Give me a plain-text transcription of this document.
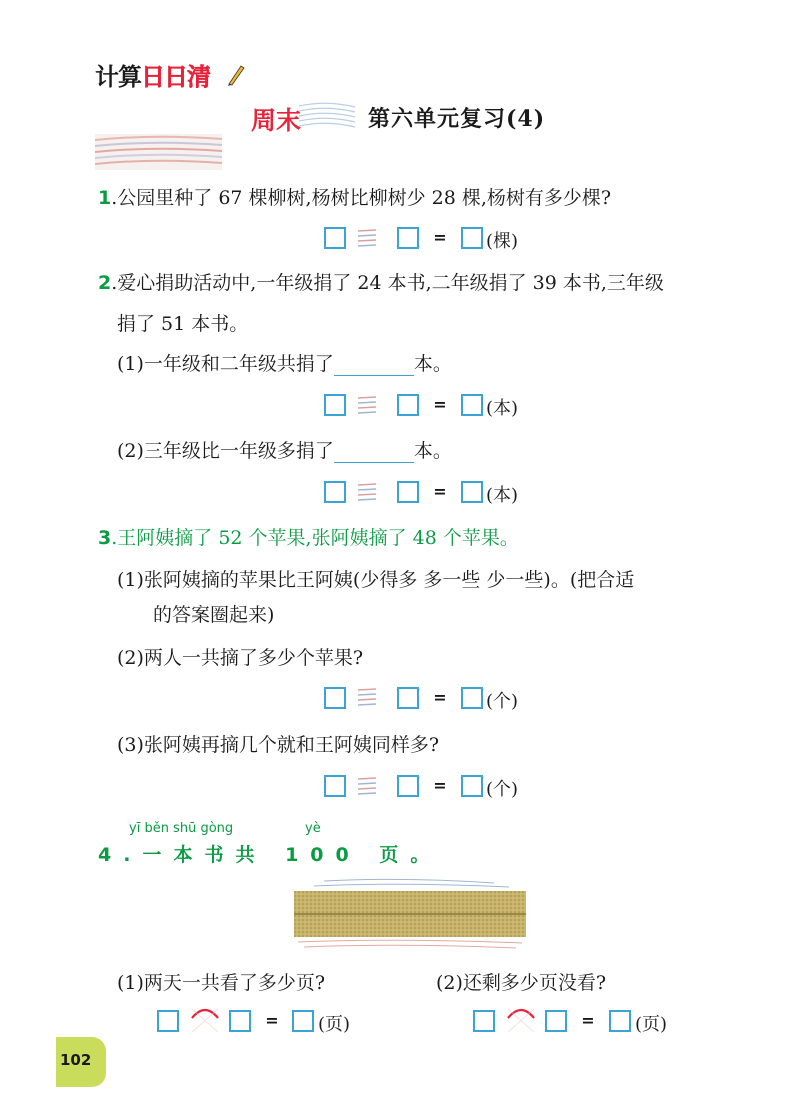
计算日日清
周末	第六单元复习(4)
1.公园里种了 67 棵柳树,杨树比柳树少 28 棵,杨树有多少棵?
= (棵)
2.爱心捐助活动中,一年级捐了 24 本书,二年级捐了 39 本书,三年级
捐了 51 本书。
(1)一年级和二年级共捐了	本。
= (本)
(2)三年级比一年级多捐了	本。
= (本)
3.王阿姨摘了 52 个苹果,张阿姨摘了 48 个苹果。
(1)张阿姨摘的苹果比王阿姨(少得多 多一些 少一些)。(把合适
的答案圈起来)
(2)两人一共摘了多少个苹果?
= (个)
(3)张阿姨再摘几个就和王阿姨同样多?
= (个)
yī běn shū gòng	yè
4.一本书共 100 页。
(1)两天一共看了多少页?	(2)还剩多少页没看?
= (页)	= (页)
102
